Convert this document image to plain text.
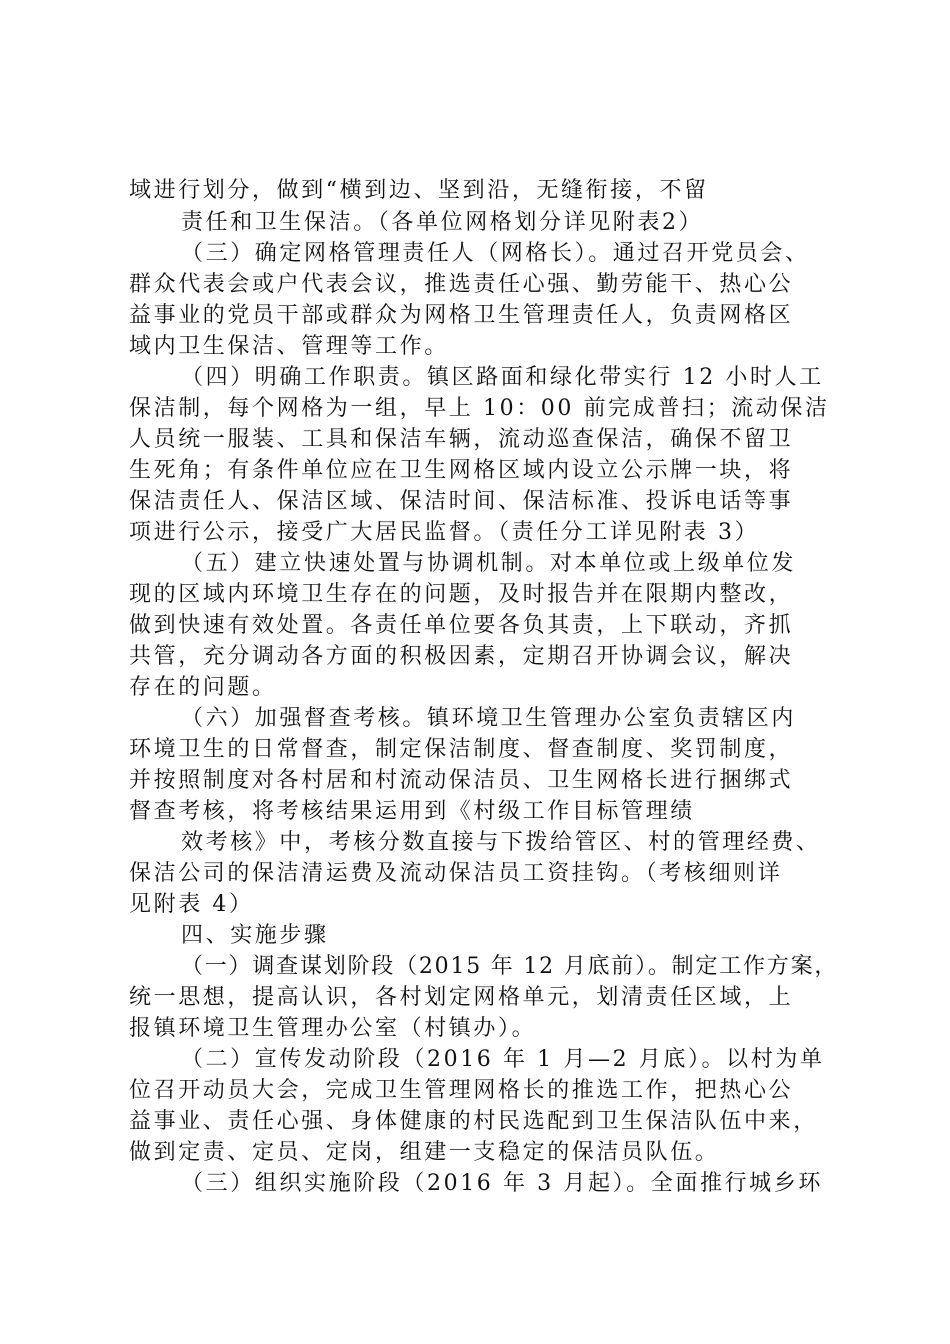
域进行划分，做到“横到边、坚到沿，无缝衔接，不留
责任和卫生保洁。（各单位网格划分详见附表2）
（三）确定网格管理责任人（网格长）。通过召开党员会、
群众代表会或户代表会议，推选责任心强、勤劳能干、热心公
益事业的党员干部或群众为网格卫生管理责任人，负责网格区
域内卫生保洁、管理等工作。
（四）明确工作职责。镇区路面和绿化带实行 12 小时人工
保洁制，每个网格为一组，早上 10：00 前完成普扫；流动保洁
人员统一服装、工具和保洁车辆，流动巡查保洁，确保不留卫
生死角；有条件单位应在卫生网格区域内设立公示牌一块，将
保洁责任人、保洁区域、保洁时间、保洁标准、投诉电话等事
项进行公示，接受广大居民监督。（责任分工详见附表 3）
（五）建立快速处置与协调机制。对本单位或上级单位发
现的区域内环境卫生存在的问题，及时报告并在限期内整改，
做到快速有效处置。各责任单位要各负其责，上下联动，齐抓
共管，充分调动各方面的积极因素，定期召开协调会议，解决
存在的问题。
（六）加强督查考核。镇环境卫生管理办公室负责辖区内
环境卫生的日常督查，制定保洁制度、督查制度、奖罚制度，
并按照制度对各村居和村流动保洁员、卫生网格长进行捆绑式
督查考核，将考核结果运用到《村级工作目标管理绩
效考核》中，考核分数直接与下拨给管区、村的管理经费、
保洁公司的保洁清运费及流动保洁员工资挂钩。（考核细则详
见附表 4）
四、实施步骤
（一）调查谋划阶段（2015 年 12 月底前）。制定工作方案，
统一思想，提高认识，各村划定网格单元，划清责任区域，上
报镇环境卫生管理办公室（村镇办）。
（二）宣传发动阶段（2016 年 1 月—2 月底）。以村为单
位召开动员大会，完成卫生管理网格长的推选工作，把热心公
益事业、责任心强、身体健康的村民选配到卫生保洁队伍中来，
做到定责、定员、定岗，组建一支稳定的保洁员队伍。
（三）组织实施阶段（2016 年 3 月起）。全面推行城乡环
